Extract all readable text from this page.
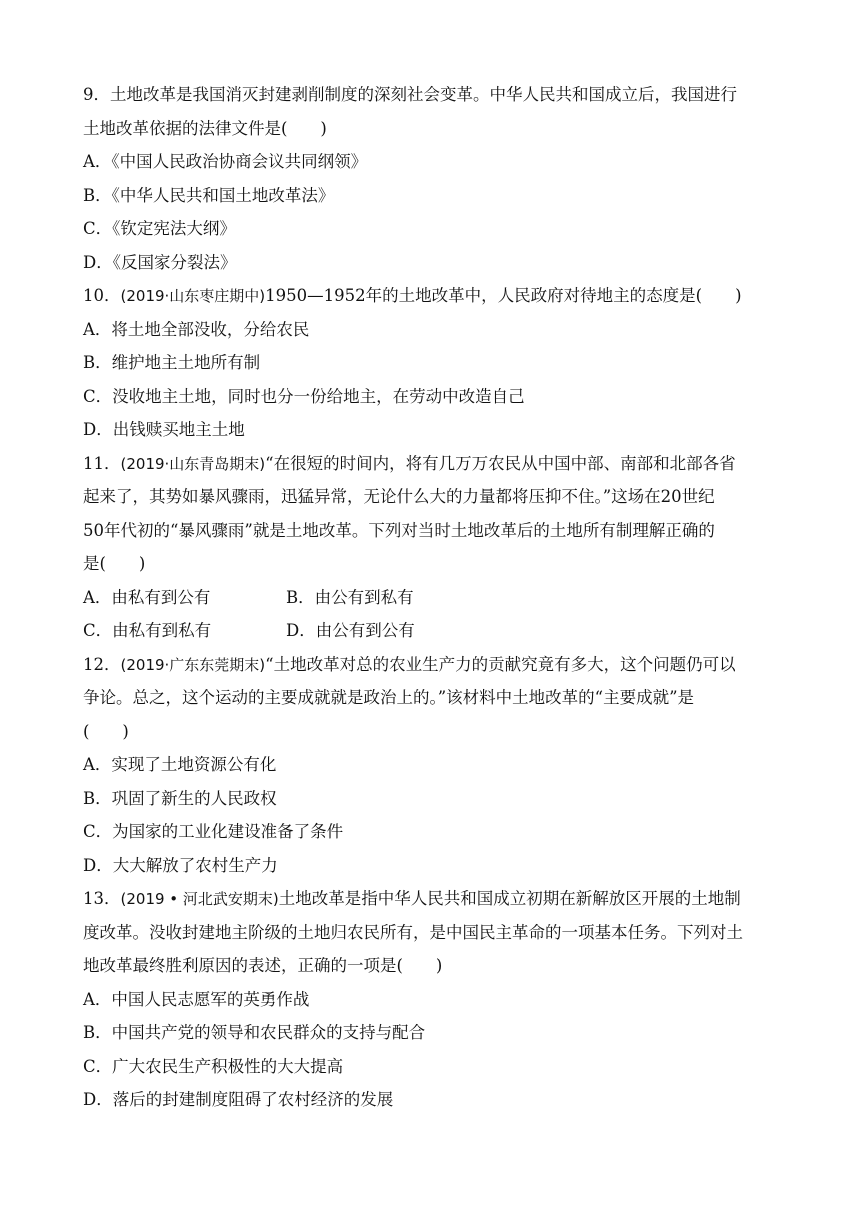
9．土地改革是我国消灭封建剥削制度的深刻社会变革。中华人民共和国成立后，我国进行
土地改革依据的法律文件是(　　)
A．《中国人民政治协商会议共同纲领》
B．《中华人民共和国土地改革法》
C．《钦定宪法大纲》
D．《反国家分裂法》
10．(2019·山东枣庄期中)1950—1952年的土地改革中，人民政府对待地主的态度是(　　)
A．将土地全部没收，分给农民
B．维护地主土地所有制
C．没收地主土地，同时也分一份给地主，在劳动中改造自己
D．出钱赎买地主土地
11．(2019·山东青岛期末)“在很短的时间内，将有几万万农民从中国中部、南部和北部各省
起来了，其势如暴风骤雨，迅猛异常，无论什么大的力量都将压抑不住。”这场在20世纪
50年代初的“暴风骤雨”就是土地改革。下列对当时土地改革后的土地所有制理解正确的
是(　　)
A．由私有到公有	B．由公有到私有
C．由私有到私有	D．由公有到公有
12．(2019·广东东莞期末)“土地改革对总的农业生产力的贡献究竟有多大，这个问题仍可以
争论。总之，这个运动的主要成就就是政治上的。”该材料中土地改革的“主要成就”是
(　　)
A．实现了土地资源公有化
B．巩固了新生的人民政权
C．为国家的工业化建设准备了条件
D．大大解放了农村生产力
13．(2019 • 河北武安期末)土地改革是指中华人民共和国成立初期在新解放区开展的土地制
度改革。没收封建地主阶级的土地归农民所有，是中国民主革命的一项基本任务。下列对土
地改革最终胜利原因的表述，正确的一项是(　　)
A．中国人民志愿军的英勇作战
B．中国共产党的领导和农民群众的支持与配合
C．广大农民生产积极性的大大提高
D．落后的封建制度阻碍了农村经济的发展
